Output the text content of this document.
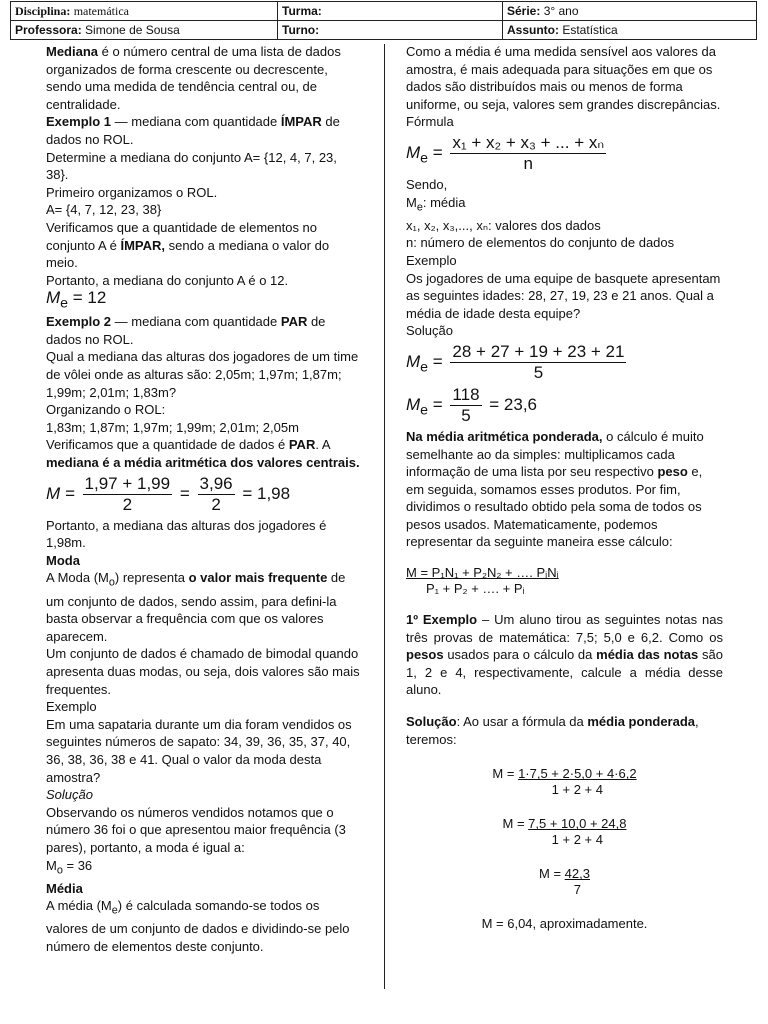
Disciplina: matemática	Turma:	Série: 3° ano
Professora: Simone de Sousa	Turno:	Assunto: Estatística

Mediana é o número central de uma lista de dados organizados de forma crescente ou decrescente, sendo uma medida de tendência central ou, de centralidade.

Exemplo 1 — mediana com quantidade ÍMPAR de dados no ROL.

Determine a mediana do conjunto A= {12, 4, 7, 23, 38}.

Primeiro organizamos o ROL.

A= {4, 7, 12, 23, 38}

Verificamos que a quantidade de elementos no conjunto A é ÍMPAR, sendo a mediana o valor do meio.

Portanto, a mediana do conjunto A é o 12.

$M_e = 12$

Exemplo 2 — mediana com quantidade PAR de dados no ROL.

Qual a mediana das alturas dos jogadores de um time de vôlei onde as alturas são: 2,05m; 1,97m; 1,87m; 1,99m; 2,01m; 1,83m?

Organizando o ROL:

1,83m; 1,87m; 1,97m; 1,99m; 2,01m; 2,05m

Verificamos que a quantidade de dados é PAR. A mediana é a média aritmética dos valores centrais.

$M = \frac{1,97 + 1,99}{2} = \frac{3,96}{2} = 1,98$

Portanto, a mediana das alturas dos jogadores é 1,98m.

Moda

A Moda $(M_o)$ representa o valor mais frequente de um conjunto de dados, sendo assim, para defini-la basta observar a frequência com que os valores aparecem.

Um conjunto de dados é chamado de bimodal quando apresenta duas modas, ou seja, dois valores são mais frequentes.

Exemplo

Em uma sapataria durante um dia foram vendidos os seguintes números de sapato: 34, 39, 36, 35, 37, 40, 36, 38, 36, 38 e 41. Qual o valor da moda desta amostra?

Solução

Observando os números vendidos notamos que o número 36 foi o que apresentou maior frequência (3 pares), portanto, a moda é igual a:

$M_o = 36$

Média

A média $(M_e)$ é calculada somando-se todos os valores de um conjunto de dados e dividindo-se pelo número de elementos deste conjunto.

Como a média é uma medida sensível aos valores da amostra, é mais adequada para situações em que os dados são distribuídos mais ou menos de forma uniforme, ou seja, valores sem grandes discrepâncias.

Fórmula

$M_e = \frac{\text{x₁ + x₂ + x₃ + ... + xₙ}}{n}$

Sendo,

$M_e$: média

x₁, x₂, x₃,..., xₙ: valores dos dados

n: número de elementos do conjunto de dados

Exemplo

Os jogadores de uma equipe de basquete apresentam as seguintes idades: 28, 27, 19, 23 e 21 anos. Qual a média de idade desta equipe?

Solução

$M_e = \frac{28 + 27 + 19 + 23 + 21}{5}$
$M_e = \frac{118}{5} = 23,6$

Na média aritmética ponderada, o cálculo é muito semelhante ao da simples: multiplicamos cada informação de uma lista por seu respectivo peso e, em seguida, somamos esses produtos. Por fim, dividimos o resultado obtido pela soma de todos os pesos usados. Matematicamente, podemos representar da seguinte maneira esse cálculo:

M = P₁N₁ + P₂N₂ + …. PᵢNᵢ
P₁ + P₂ + …. + Pᵢ

1º Exemplo – Um aluno tirou as seguintes notas nas três provas de matemática: 7,5; 5,0 e 6,2. Como os pesos usados para o cálculo da média das notas são 1, 2 e 4, respectivamente, calcule a média desse aluno.

Solução: Ao usar a fórmula da média ponderada, teremos:

$M = \frac{1\cdot 7,5 + 2\cdot 5,0 + 4\cdot 6,2}{1 + 2 + 4}$
$M = \frac{7,5 + 10,0 + 24,8}{1 + 2 + 4}$
$M = \frac{42,3}{7}$

M = 6,04, aproximadamente.
